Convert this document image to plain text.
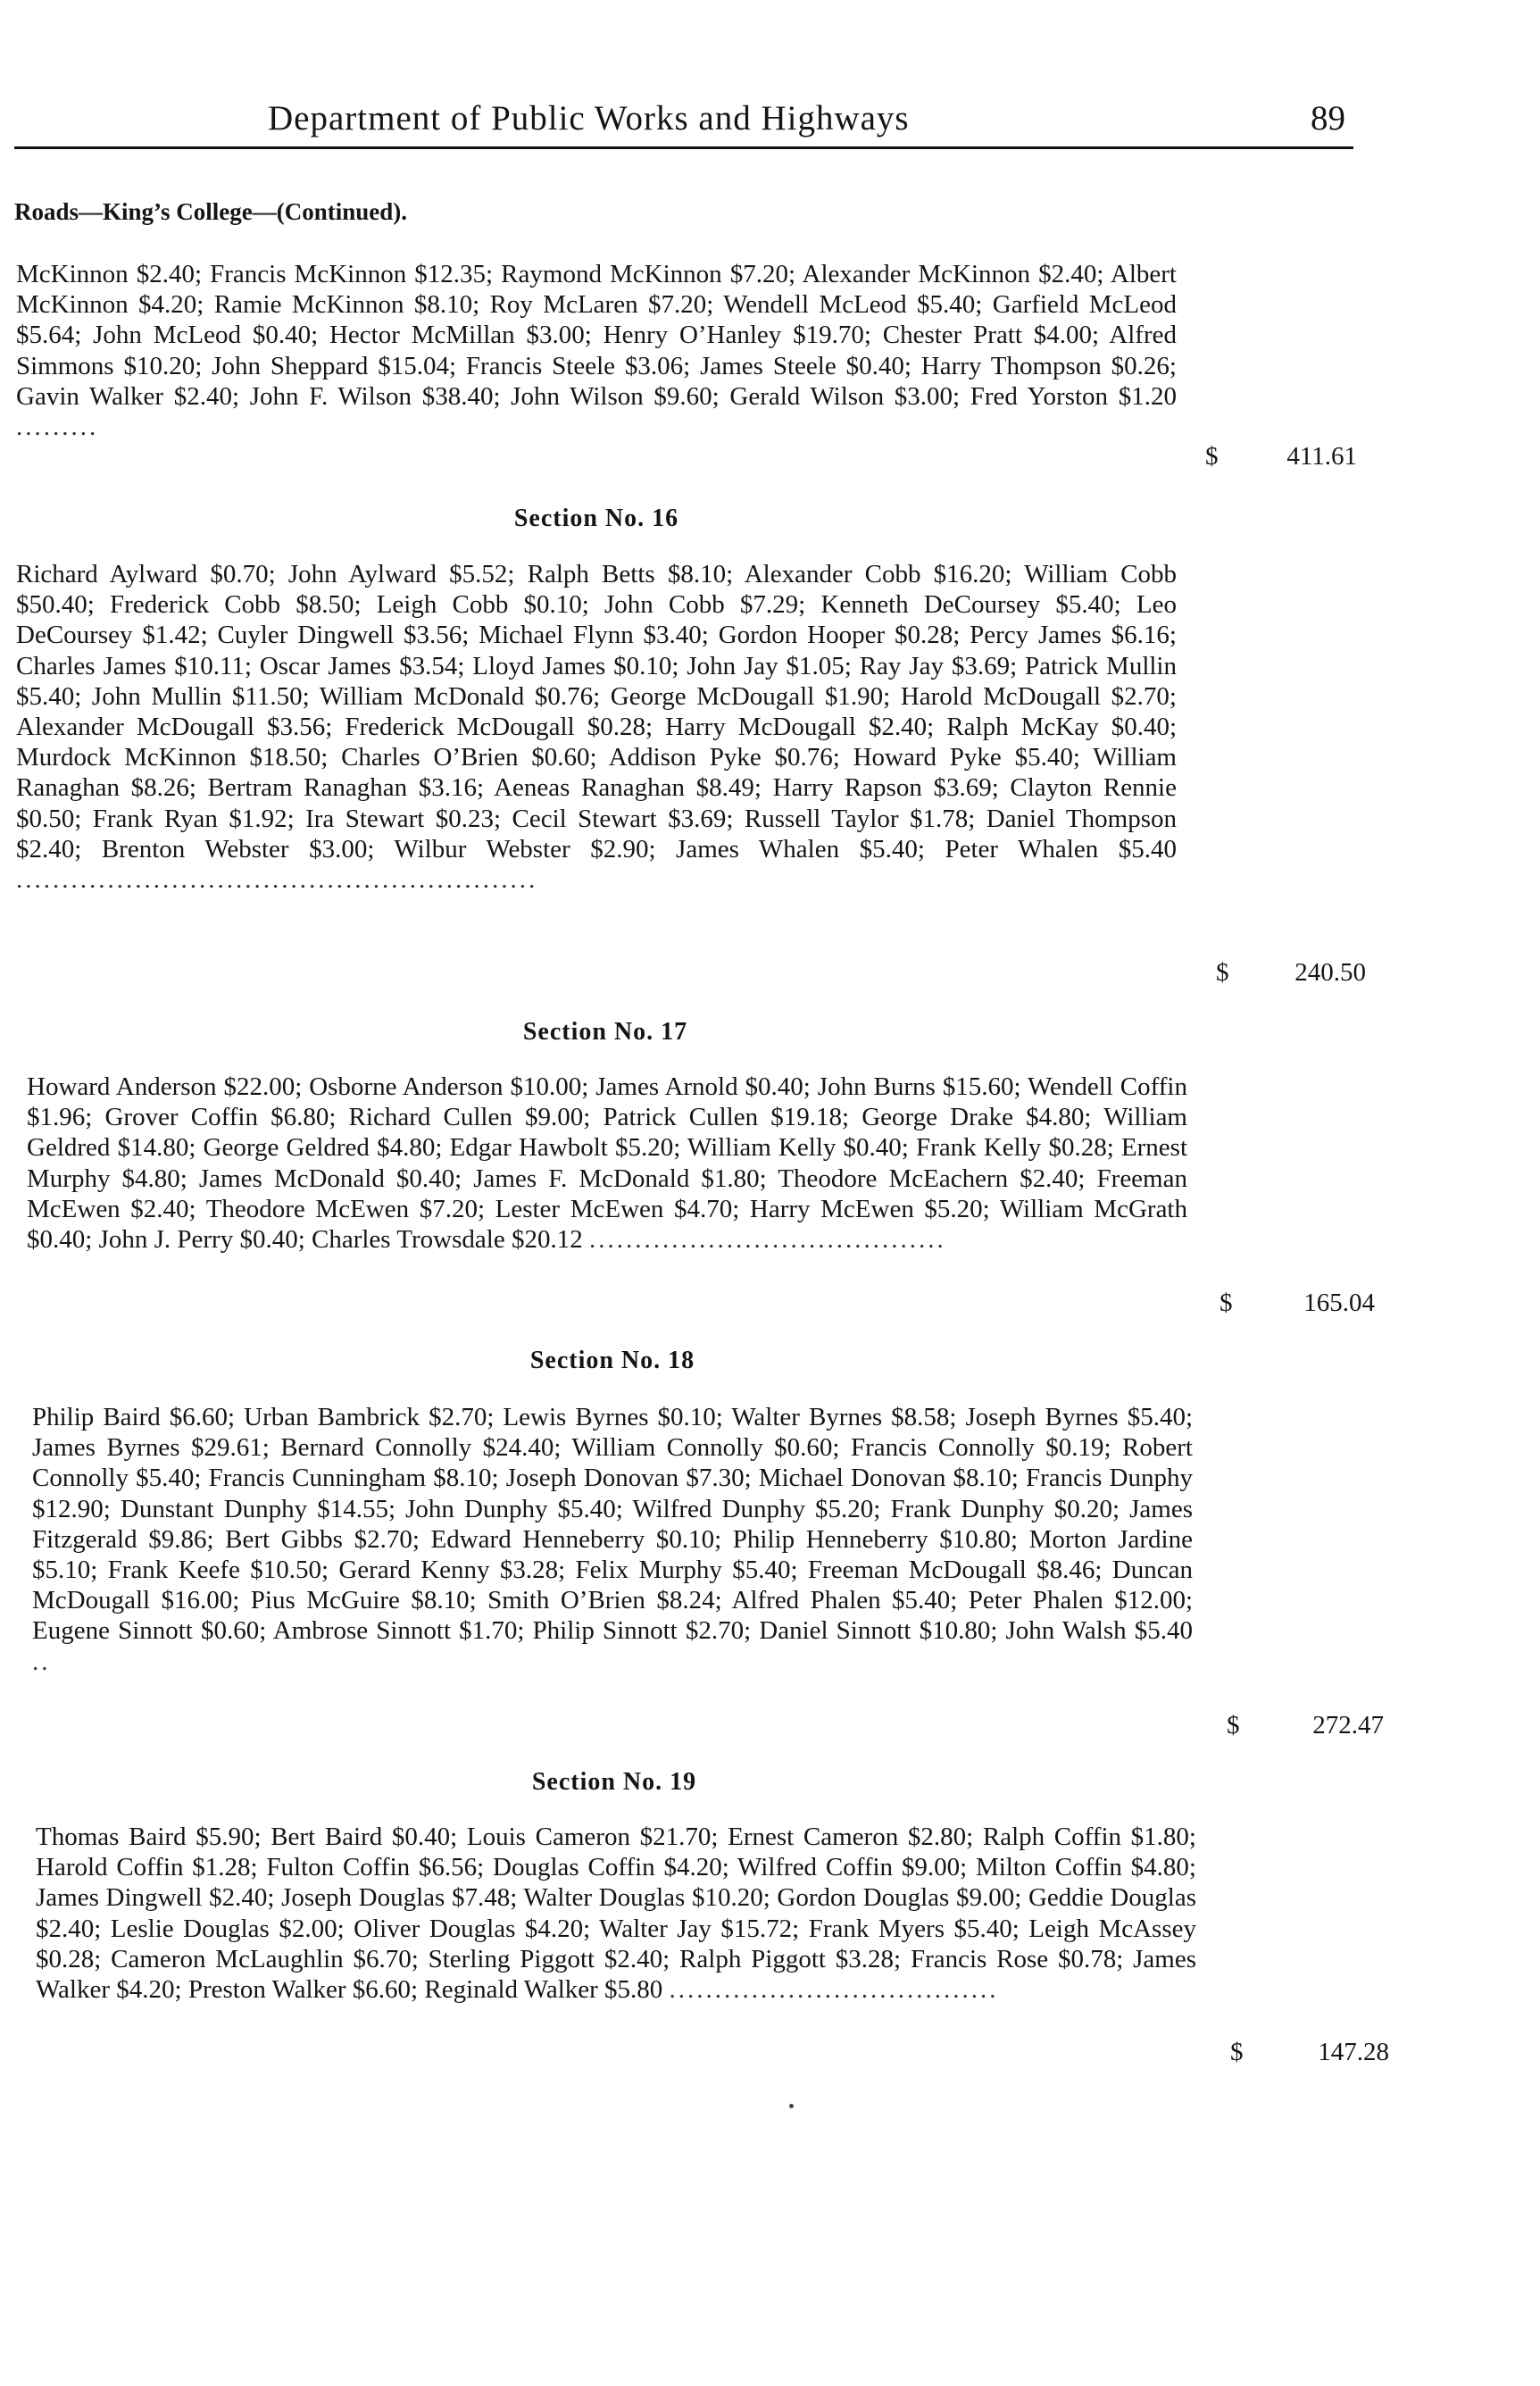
Department of Public Works and Highways	89
Roads—King’s College—(Continued).

McKinnon $2.40; Francis McKinnon $12.35; Raymond McKinnon $7.20; Alexander McKinnon $2.40; Albert McKinnon $4.20; Ramie McKinnon $8.10; Roy McLaren $7.20; Wendell McLeod $5.40; Garfield McLeod $5.64; John McLeod $0.40; Hector McMillan $3.00; Henry O’Hanley $19.70; Chester Pratt $4.00; Alfred Simmons $10.20; John Sheppard $15.04; Francis Steele $3.06; James Steele $0.40; Harry Thompson $0.26; Gavin Walker $2.40; John F. Wilson $38.40; John Wilson $9.60; Gerald Wilson $3.00; Fred Yorston $1.20 .........

$	411.61
Section No. 16

Richard Aylward $0.70; John Aylward $5.52; Ralph Betts $8.10; Alexander Cobb $16.20; William Cobb $50.40; Frederick Cobb $8.50; Leigh Cobb $0.10; John Cobb $7.29; Kenneth DeCoursey $5.40; Leo DeCoursey $1.42; Cuyler Dingwell $3.56; Michael Flynn $3.40; Gordon Hooper $0.28; Percy James $6.16; Charles James $10.11; Oscar James $3.54; Lloyd James $0.10; John Jay $1.05; Ray Jay $3.69; Patrick Mullin $5.40; John Mullin $11.50; William McDonald $0.76; George McDougall $1.90; Harold McDougall $2.70; Alexander McDougall $3.56; Frederick McDougall $0.28; Harry McDougall $2.40; Ralph McKay $0.40; Murdock McKinnon $18.50; Charles O’Brien $0.60; Addison Pyke $0.76; Howard Pyke $5.40; William Ranaghan $8.26; Bertram Ranaghan $3.16; Aeneas Ranaghan $8.49; Harry Rapson $3.69; Clayton Rennie $0.50; Frank Ryan $1.92; Ira Stewart $0.23; Cecil Stewart $3.69; Russell Taylor $1.78; Daniel Thompson $2.40; Brenton Webster $3.00; Wilbur Webster $2.90; James Whalen $5.40; Peter Whalen $5.40 .........................................................

$	240.50
Section No. 17

Howard Anderson $22.00; Osborne Anderson $10.00; James Arnold $0.40; John Burns $15.60; Wendell Coffin $1.96; Grover Coffin $6.80; Richard Cullen $9.00; Patrick Cullen $19.18; George Drake $4.80; William Geldred $14.80; George Geldred $4.80; Edgar Hawbolt $5.20; William Kelly $0.40; Frank Kelly $0.28; Ernest Murphy $4.80; James McDonald $0.40; James F. McDonald $1.80; Theodore McEachern $2.40; Freeman McEwen $2.40; Theodore McEwen $7.20; Lester McEwen $4.70; Harry McEwen $5.20; William McGrath $0.40; John J. Perry $0.40; Charles Trowsdale $20.12 .......................................

$	165.04
Section No. 18

Philip Baird $6.60; Urban Bambrick $2.70; Lewis Byrnes $0.10; Walter Byrnes $8.58; Joseph Byrnes $5.40; James Byrnes $29.61; Bernard Connolly $24.40; William Connolly $0.60; Francis Connolly $0.19; Robert Connolly $5.40; Francis Cunningham $8.10; Joseph Donovan $7.30; Michael Donovan $8.10; Francis Dunphy $12.90; Dunstant Dunphy $14.55; John Dunphy $5.40; Wilfred Dunphy $5.20; Frank Dunphy $0.20; James Fitzgerald $9.86; Bert Gibbs $2.70; Edward Henneberry $0.10; Philip Henneberry $10.80; Morton Jardine $5.10; Frank Keefe $10.50; Gerard Kenny $3.28; Felix Murphy $5.40; Freeman McDougall $8.46; Duncan McDougall $16.00; Pius McGuire $8.10; Smith O’Brien $8.24; Alfred Phalen $5.40; Peter Phalen $12.00; Eugene Sinnott $0.60; Ambrose Sinnott $1.70; Philip Sinnott $2.70; Daniel Sinnott $10.80; John Walsh $5.40 ..

$	272.47
Section No. 19

Thomas Baird $5.90; Bert Baird $0.40; Louis Cameron $21.70; Ernest Cameron $2.80; Ralph Coffin $1.80; Harold Coffin $1.28; Fulton Coffin $6.56; Douglas Coffin $4.20; Wilfred Coffin $9.00; Milton Coffin $4.80; James Dingwell $2.40; Joseph Douglas $7.48; Walter Douglas $10.20; Gordon Douglas $9.00; Geddie Douglas $2.40; Leslie Douglas $2.00; Oliver Douglas $4.20; Walter Jay $15.72; Frank Myers $5.40; Leigh McAssey $0.28; Cameron McLaughlin $6.70; Sterling Piggott $2.40; Ralph Piggott $3.28; Francis Rose $0.78; James Walker $4.20; Preston Walker $6.60; Reginald Walker $5.80 ....................................

$	147.28
